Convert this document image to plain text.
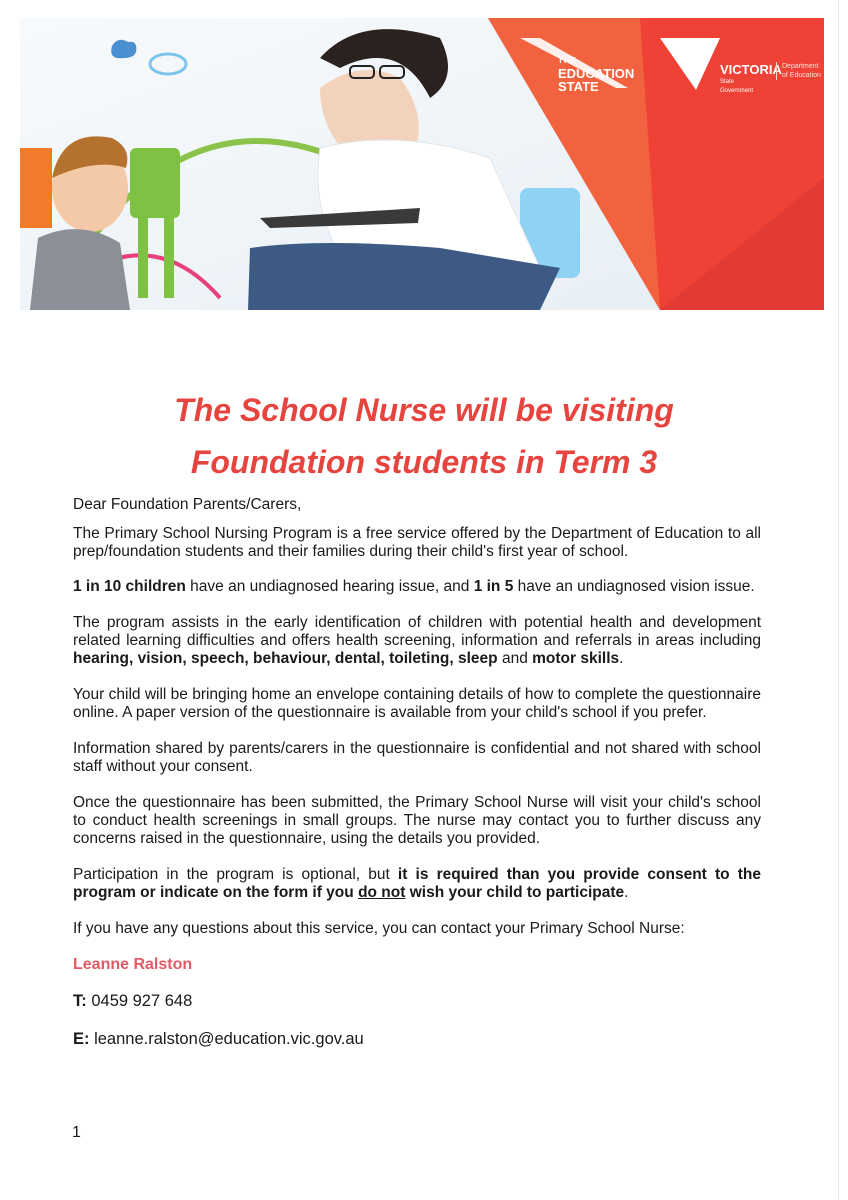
THE
EDUCATION
STATE
VICTORIA
State
Government
Department
of Education
The School Nurse will be visiting
Foundation students in Term 3
Dear Foundation Parents/Carers,
The Primary School Nursing Program is a free service offered by the Department of Education to all prep/foundation students and their families during their child's first year of school.
1 in 10 children have an undiagnosed hearing issue, and 1 in 5 have an undiagnosed vision issue.
The program assists in the early identification of children with potential health and development related learning difficulties and offers health screening, information and referrals in areas including hearing, vision, speech, behaviour, dental, toileting, sleep and motor skills.
Your child will be bringing home an envelope containing details of how to complete the questionnaire online. A paper version of the questionnaire is available from your child's school if you prefer.
Information shared by parents/carers in the questionnaire is confidential and not shared with school staff without your consent.
Once the questionnaire has been submitted, the Primary School Nurse will visit your child's school to conduct health screenings in small groups. The nurse may contact you to further discuss any concerns raised in the questionnaire, using the details you provided.
Participation in the program is optional, but it is required than you provide consent to the program or indicate on the form if you do not wish your child to participate.
If you have any questions about this service, you can contact your Primary School Nurse:
Leanne Ralston
T: 0459 927 648
E: leanne.ralston@education.vic.gov.au
1
